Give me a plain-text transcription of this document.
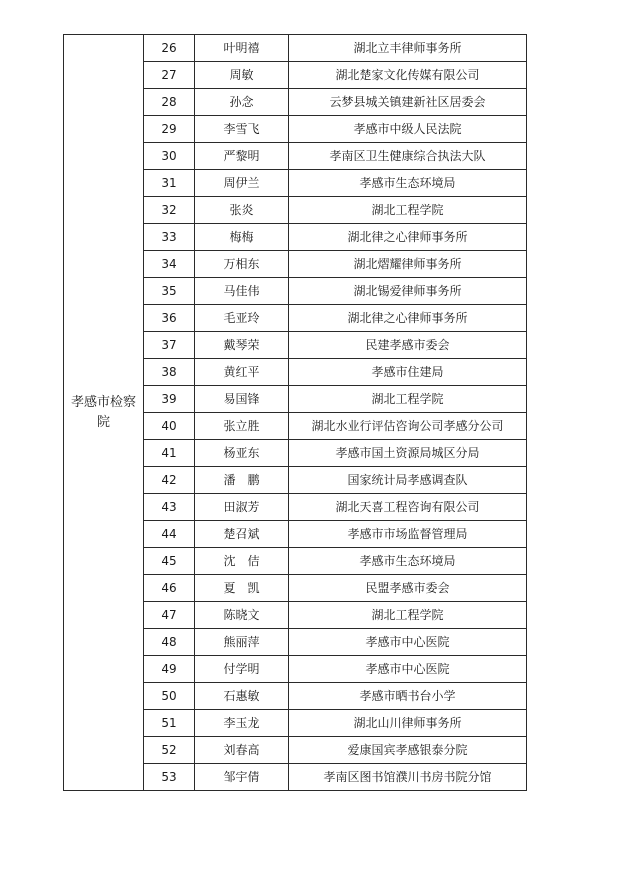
孝感市检察院	26	叶明禧	湖北立丰律师事务所
	27	周敏	湖北楚家文化传媒有限公司
	28	孙念	云梦县城关镇建新社区居委会
	29	李雪飞	孝感市中级人民法院
	30	严黎明	孝南区卫生健康综合执法大队
	31	周伊兰	孝感市生态环境局
	32	张炎	湖北工程学院
	33	梅梅	湖北律之心律师事务所
	34	万相东	湖北熠耀律师事务所
	35	马佳伟	湖北锡爱律师事务所
	36	毛亚玲	湖北律之心律师事务所
	37	戴琴荣	民建孝感市委会
	38	黄红平	孝感市住建局
	39	易国锋	湖北工程学院
	40	张立胜	湖北水业行评估咨询公司孝感分公司
	41	杨亚东	孝感市国土资源局城区分局
	42	潘　鹏	国家统计局孝感调查队
	43	田淑芳	湖北天喜工程咨询有限公司
	44	楚召斌	孝感市市场监督管理局
	45	沈　佶	孝感市生态环境局
	46	夏　凯	民盟孝感市委会
	47	陈晓文	湖北工程学院
	48	熊丽萍	孝感市中心医院
	49	付学明	孝感市中心医院
	50	石惠敏	孝感市晒书台小学
	51	李玉龙	湖北山川律师事务所
	52	刘春高	爱康国宾孝感银泰分院
	53	邹宇倩	孝南区图书馆濮川书房书院分馆
